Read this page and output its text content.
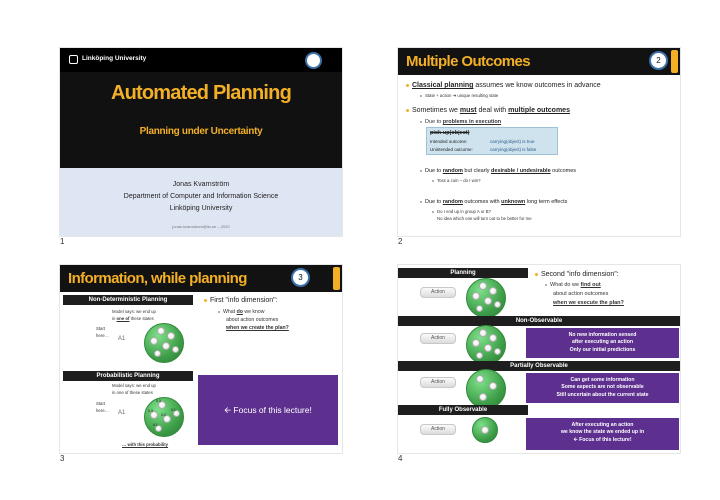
Linköping University
Automated Planning
Planning under Uncertainty
Jonas Kvarnström
Department of Computer and Information Science
Linköping University
jonas.kvarnstrom@liu.se – 2020
1
Multiple Outcomes	2
Classical planning assumes we know outcomes in advance
State + action ➔ unique resulting state
Sometimes we must deal with multiple outcomes
Due to problems in execution
pick-up(object)
Intended outcome:	carrying(object) is true
Unintended outcome:	carrying(object) is false
Due to random but clearly desirable / undesirable outcomes
Toss a coin – do I win?
Due to random outcomes with unknown long term effects
Do I end up in group A or B?
No idea which one will turn out to be better for me
2
Information, while planning	3
Non-Deterministic Planning
Model says: we end up
in one of these states
Start
here…
A1
First "info dimension":
What do we know
about action outcomes
when we create the plan?
Probabilistic Planning
Model says: we end up
in one of these states
Start
here… A1
0.3
0.3
0.2
0.1
0.1
… with this probability
🡨 Focus of this lecture!
3
Planning
Action
Second "info dimension":
What do we find out
about action outcomes
when we execute the plan?
Non-Observable
Action	No new information sensed
after executing an action
Only our initial predictions
Partially Observable
Action	Can get some information
Some aspects are not observable
Still uncertain about the current state
Fully Observable
Action
After executing an action
we know the state we ended up in
🡨 Focus of this lecture!
4
